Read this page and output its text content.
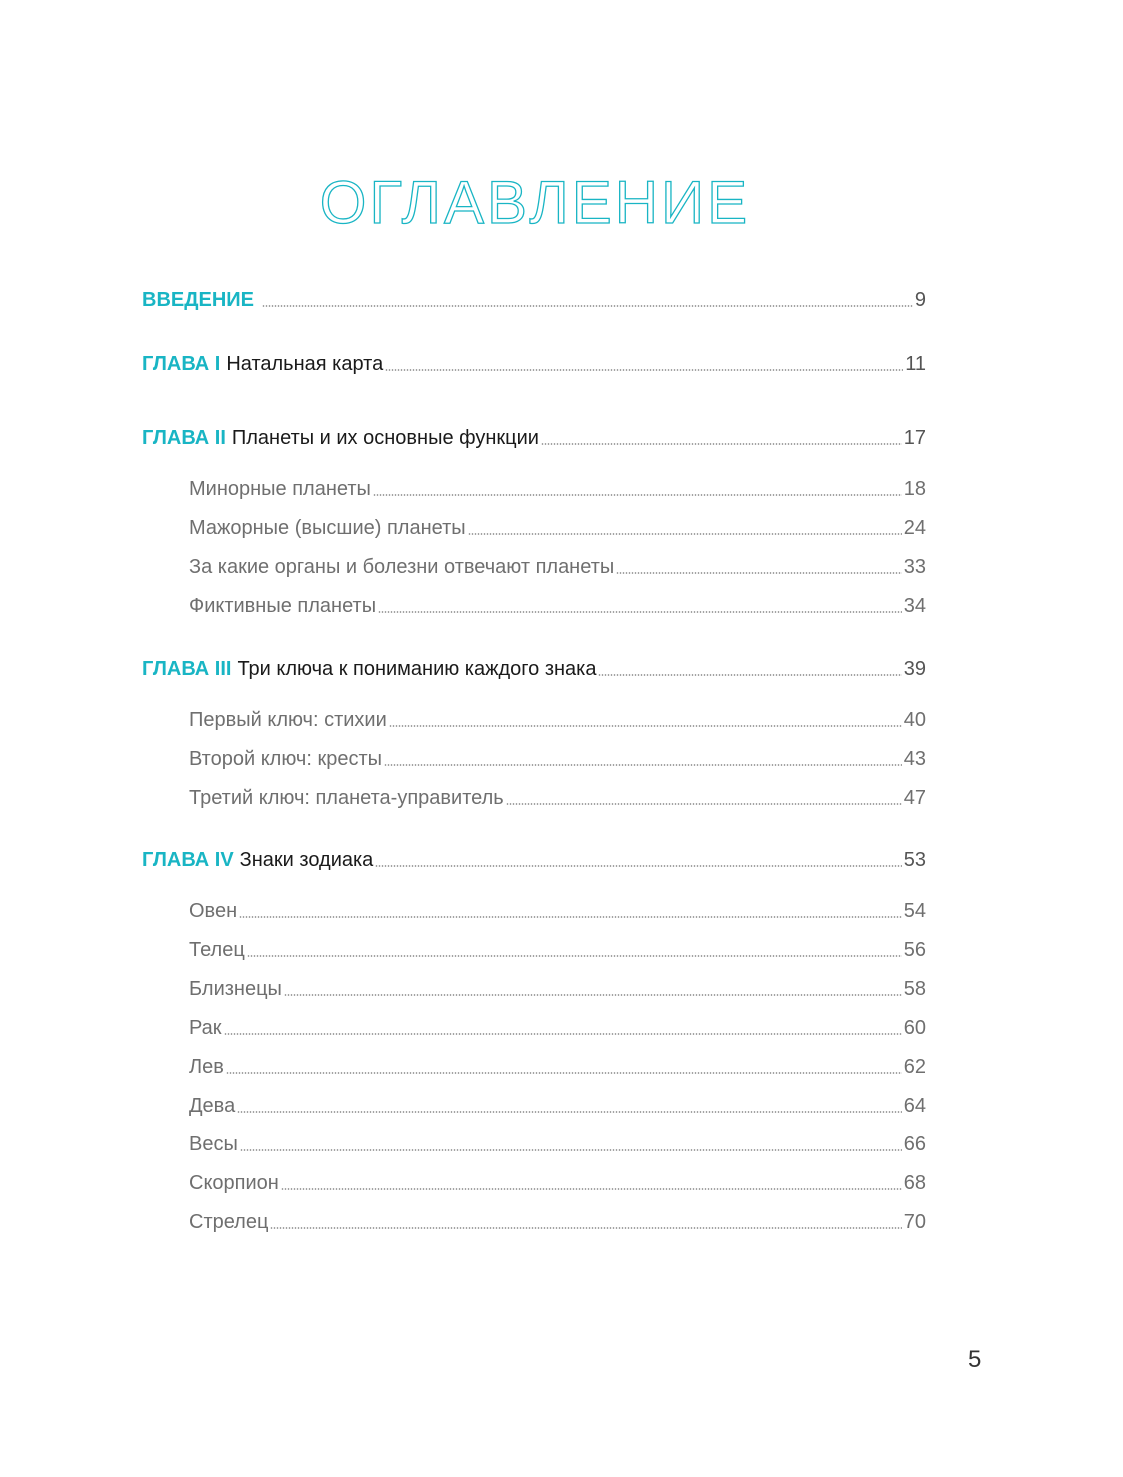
ОГЛАВЛЕНИЕ
ВВЕДЕНИЕ	9
ГЛАВА I Натальная карта	11
ГЛАВА II Планеты и их основные функции	17
Минорные планеты	18
Мажорные (высшие) планеты	24
За какие органы и болезни отвечают планеты	33
Фиктивные планеты	34
ГЛАВА III Три ключа к пониманию каждого знака	39
Первый ключ: стихии	40
Второй ключ: кресты	43
Третий ключ: планета-управитель	47
ГЛАВА IV Знаки зодиака	53
Овен	54
Телец	56
Близнецы	58
Рак	60
Лев	62
Дева	64
Весы	66
Скорпион	68
Стрелец	70
5
